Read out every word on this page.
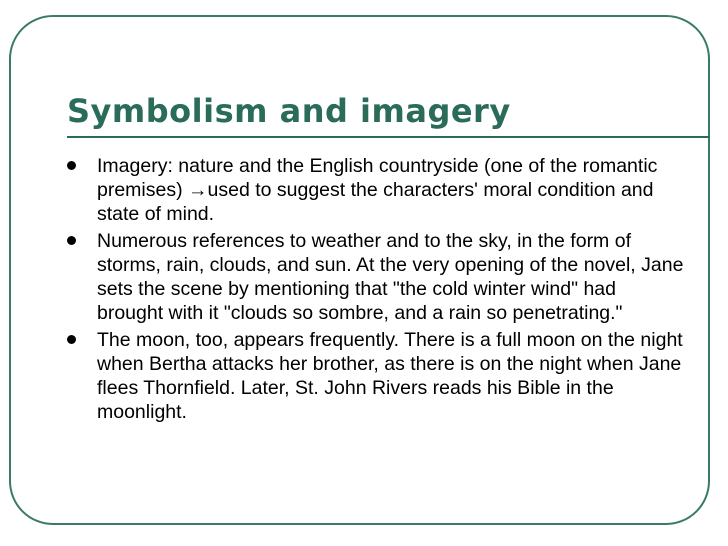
Symbolism and imagery
Imagery: nature and the English countryside (one of the romantic premises) →used to suggest the characters' moral condition and state of mind.
Numerous references to weather and to the sky, in the form of storms, rain, clouds, and sun. At the very opening of the novel, Jane sets the scene by mentioning that "the cold winter wind" had brought with it "clouds so sombre, and a rain so penetrating."
The moon, too, appears frequently. There is a full moon on the night when Bertha attacks her brother, as there is on the night when Jane flees Thornfield. Later, St. John Rivers reads his Bible in the moonlight.
